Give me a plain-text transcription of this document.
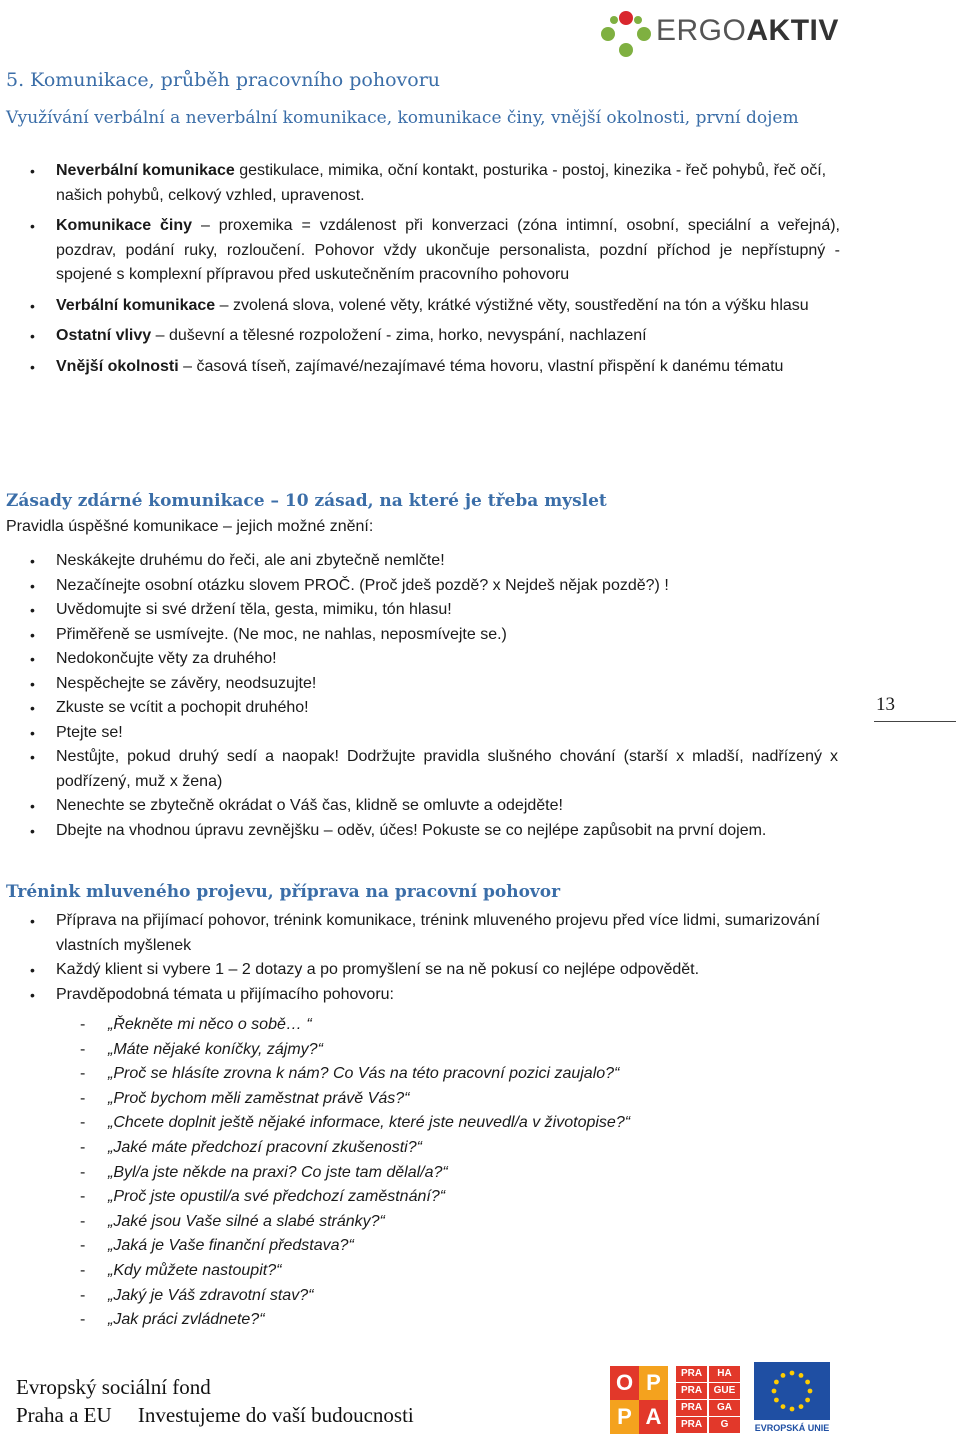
ERGOAKTIV
5. Komunikace, průběh pracovního pohovoru
Využívání verbální a neverbální komunikace, komunikace činy, vnější okolnosti, první dojem
• Neverbální komunikace gestikulace, mimika, oční kontakt, posturika - postoj, kinezika - řeč pohybů, řeč očí, našich pohybů, celkový vzhled, upravenost.
• Komunikace činy – proxemika = vzdálenost při konverzaci (zóna intimní, osobní, speciální a veřejná), pozdrav, podání ruky, rozloučení. Pohovor vždy ukončuje personalista, pozdní příchod je nepřístupný - spojené s komplexní přípravou před uskutečněním pracovního pohovoru
• Verbální komunikace – zvolená slova, volené věty, krátké výstižné věty, soustředění na tón a výšku hlasu
• Ostatní vlivy – duševní a tělesné rozpoložení - zima, horko, nevyspání, nachlazení
• Vnější okolnosti – časová tíseň, zajímavé/nezajímavé téma hovoru, vlastní přispění k danému tématu
Zásady zdárné komunikace – 10 zásad, na které je třeba myslet
Pravidla úspěšné komunikace – jejich možné znění:
• Neskákejte druhému do řeči, ale ani zbytečně nemlčte!
• Nezačínejte osobní otázku slovem PROČ. (Proč jdeš pozdě? x Nejdeš nějak pozdě?) !
• Uvědomujte si své držení těla, gesta, mimiku, tón hlasu!
• Přiměřeně se usmívejte. (Ne moc, ne nahlas, neposmívejte se.)
• Nedokončujte věty za druhého!
• Nespěchejte se závěry, neodsuzujte!
• Zkuste se vcítit a pochopit druhého!
• Ptejte se!
• Nestůjte, pokud druhý sedí a naopak! Dodržujte pravidla slušného chování (starší x mladší, nadřízený x podřízený, muž x žena)
• Nenechte se zbytečně okrádat o Váš čas, klidně se omluvte a odejděte!
• Dbejte na vhodnou úpravu zevnějšku – oděv, účes! Pokuste se co nejlépe zapůsobit na první dojem.
13
Trénink mluveného projevu, příprava na pracovní pohovor
• Příprava na přijímací pohovor, trénink komunikace, trénink mluveného projevu před více lidmi, sumarizování vlastních myšlenek
• Každý klient si vybere 1 – 2 dotazy a po promyšlení se na ně pokusí co nejlépe odpovědět.
• Pravděpodobná témata u přijímacího pohovoru:
- „Řekněte mi něco o sobě… “
- „Máte nějaké koníčky, zájmy?“
- „Proč se hlásíte zrovna k nám? Co Vás na této pracovní pozici zaujalo?“
- „Proč bychom měli zaměstnat právě Vás?“
- „Chcete doplnit ještě nějaké informace, které jste neuvedl/a v životopise?“
- „Jaké máte předchozí pracovní zkušenosti?“
- „Byl/a jste někde na praxi? Co jste tam dělal/a?“
- „Proč jste opustil/a své předchozí zaměstnání?“
- „Jaké jsou Vaše silné a slabé stránky?“
- „Jaká je Vaše finanční představa?“
- „Kdy můžete nastoupit?“
- „Jaký je Váš zdravotní stav?“
- „Jak práci zvládnete?“
Evropský sociální fond
Praha a EU     Investujeme do vaší budoucnosti
O P
P A
PRA	HA
PRA	GUE
PRA	GA
PRA	G	EVROPSKÁ UNIE
